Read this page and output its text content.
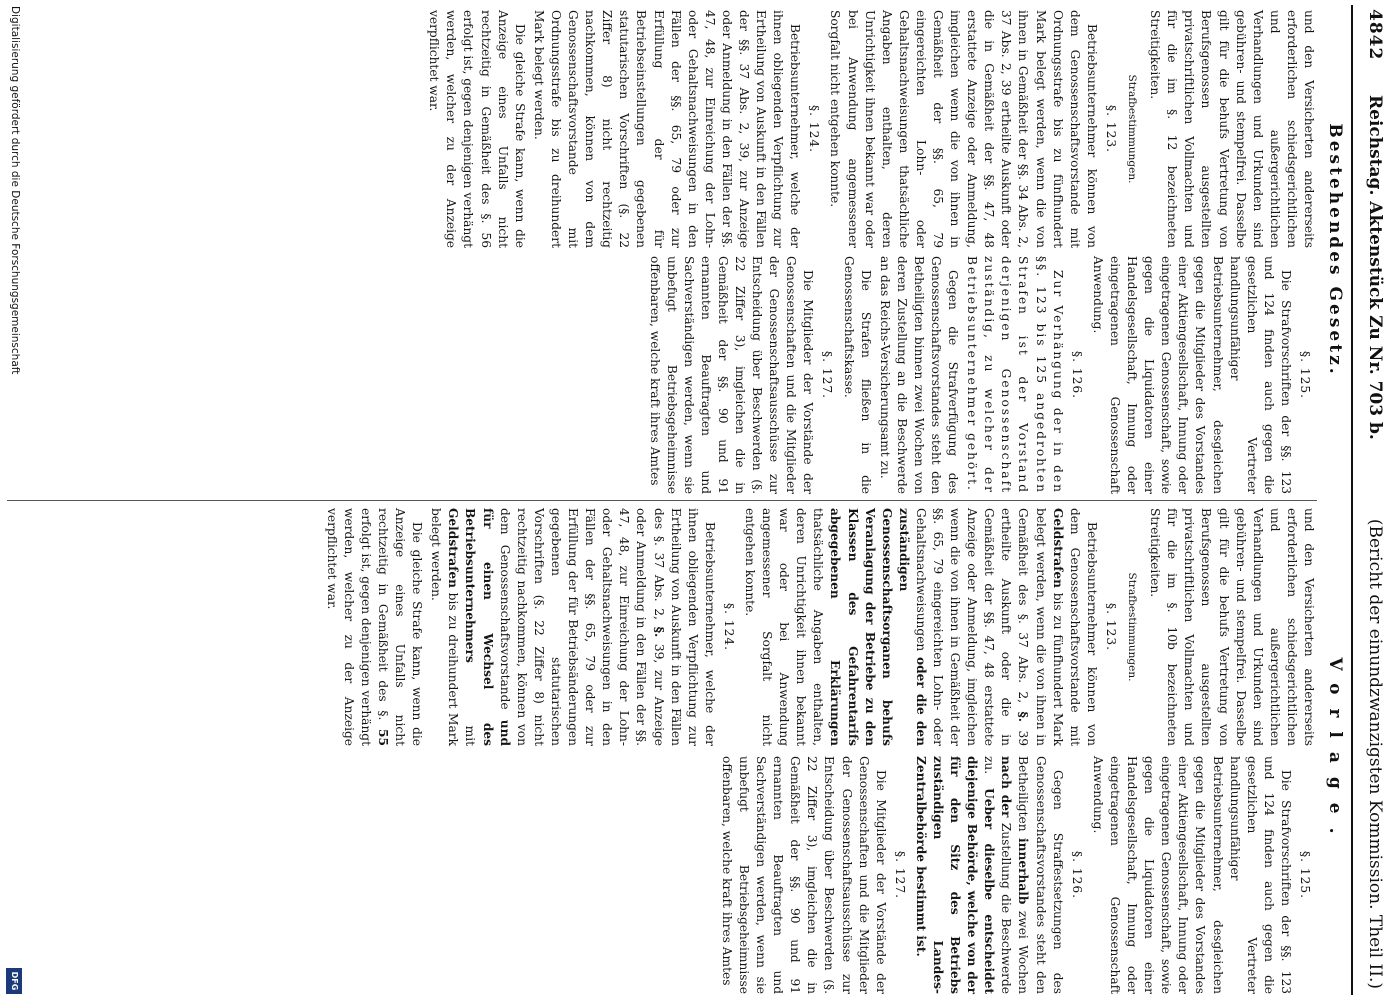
4842
Reichstag. Aktenstück Zu Nr. 703 b.
(Bericht der einundzwanzigsten Kommission. Theil II.)
Bestehendes Gesetz.
Vorlage.

und den Versicherten andererseits erforderlichen schiedsgerichtlichen und außergerichtlichen Verhandlungen und Urkunden sind gebühren- und stempelfrei. Dasselbe gilt für die behufs Vertretung von Berufsgenossen ausgestellten privatschriftlichen Vollmachten und für die im §. 12 bezeichneten Streitigkeiten.

Strafbestimmungen.
§. 123.

Betriebsunternehmer können von dem Genossenschaftsvorstande mit Ordnungsstrafe bis zu fünfhundert Mark belegt werden, wenn die von ihnen in Gemäßheit der §§. 34 Abs. 2, 37 Abs. 2, 39 ertheilte Auskunft oder die in Gemäßheit der §§. 47, 48 erstattete Anzeige oder Anmeldung, imgleichen wenn die von ihnen in Gemäßheit der §§. 65, 79 eingereichten Lohn- oder Gehaltsnachweisungen thatsächliche Angaben enthalten, deren Unrichtigkeit ihnen bekannt war oder bei Anwendung angemessener Sorgfalt nicht entgehen konnte.

§. 124.

Betriebsunternehmer, welche der ihnen obliegenden Verpflichtung zur Ertheilung von Auskunft in den Fällen der §§. 37 Abs. 2, 39, zur Anzeige oder Anmeldung in den Fällen der §§. 47, 48, zur Einreichung der Lohn- oder Gehaltsnachweisungen in den Fällen der §§. 65, 79 oder zur Erfüllung der für Betriebseinstellungen gegebenen statutarischen Vorschriften (§. 22 Ziffer 8) nicht rechtzeitig nachkommen, können von dem Genossenschaftsvorstande mit Ordnungsstrafe bis zu dreihundert Mark belegt werden.

Die gleiche Strafe kann, wenn die Anzeige eines Unfalls nicht rechtzeitig in Gemäßheit des §. 56 erfolgt ist, gegen denjenigen verhängt werden, welcher zu der Anzeige verpflichtet war.

§. 125.

Die Strafvorschriften der §§. 123 und 124 finden auch gegen die gesetzlichen Vertreter handlungsunfähiger Betriebsunternehmer, desgleichen gegen die Mitglieder des Vorstandes einer Aktiengesellschaft, Innung oder eingetragenen Genossenschaft, sowie gegen die Liquidatoren einer Handelsgesellschaft, Innung oder eingetragenen Genossenschaft Anwendung.

§. 126.

Zur Verhängung der in den §§. 123 bis 125 angedrohten Strafen ist der Vorstand derjenigen Genossenschaft zuständig, zu welcher der Betriebsunternehmer gehört.

Gegen die Strafverfügung des Genossenschaftsvorstandes steht den Betheiligten binnen zwei Wochen von deren Zustellung an die Beschwerde an das Reichs-Versicherungsamt zu.

Die Strafen fließen in die Genossenschaftskasse.

§. 127.

Die Mitglieder der Vorstände der Genossenschaften und die Mitglieder der Genossenschaftsausschüsse zur Entscheidung über Beschwerden (§. 22 Ziffer 3), imgleichen die in Gemäßheit der §§. 90 und 91 ernannten Beauftragten und Sachverständigen werden, wenn sie unbefugt Betriebsgeheimnisse offenbaren, welche kraft ihres Amtes

und den Versicherten andererseits erforderlichen schiedsgerichtlichen und außergerichtlichen Verhandlungen und Urkunden sind gebühren- und stempelfrei. Dasselbe gilt für die behufs Vertretung von Berufsgenossen ausgestellten privatschriftlichen Vollmachten und für die im §. 10b bezeichneten Streitigkeiten.

Strafbestimmungen.
§. 123.

Betriebsunternehmer können von dem Genossenschaftsvorstande mit Geldstrafen bis zu fünfhundert Mark belegt werden, wenn die von ihnen in Gemäßheit des §. 37 Abs. 2, §. 39 ertheilte Auskunft oder die in Gemäßheit der §§. 47, 48 erstattete Anzeige oder Anmeldung, imgleichen wenn die von ihnen in Gemäßheit der §§. 65, 79 eingereichten Lohn- oder Gehaltsnachweisungen oder die den zuständigen Genossenschaftsorganen behufs Veranlagung der Betriebe zu den Klassen des Gefahrentarifs abgegebenen Erklärungen thatsächliche Angaben enthalten, deren Unrichtigkeit ihnen bekannt war oder bei Anwendung angemessener Sorgfalt nicht entgehen konnte.

§. 124.

Betriebsunternehmer, welche der ihnen obliegenden Verpflichtung zur Ertheilung von Auskunft in den Fällen des §. 37 Abs. 2, §. 39, zur Anzeige oder Anmeldung in den Fällen der §§. 47, 48, zur Einreichung der Lohn- oder Gehaltsnachweisungen in den Fällen der §§. 65, 79 oder zur Erfüllung der für Betriebsänderungen gegebenen statutarischen Vorschriften (§. 22 Ziffer 8) nicht rechtzeitig nachkommen, können von dem Genossenschaftsvorstande und für einen Wechsel des Betriebsunternehmers mit Geldstrafen bis zu dreihundert Mark belegt werden.

Die gleiche Strafe kann, wenn die Anzeige eines Unfalls nicht rechtzeitig in Gemäßheit des §. 55 erfolgt ist, gegen denjenigen verhängt werden, welcher zu der Anzeige verpflichtet war.

§. 125.

Die Strafvorschriften der §§. 123 und 124 finden auch gegen die gesetzlichen Vertreter handlungsunfähiger Betriebsunternehmer, desgleichen gegen die Mitglieder des Vorstandes einer Aktiengesellschaft, Innung oder eingetragenen Genossenschaft, sowie gegen die Liquidatoren einer Handelsgesellschaft, Innung oder eingetragenen Genossenschaft Anwendung.

§. 126.

Gegen Straffestsetzungen des Genossenschaftsvorstandes steht den Betheiligten innerhalb zwei Wochen nach der Zustellung die Beschwerde zu. Ueber dieselbe entscheidet diejenige Behörde, welche von der für den Sitz des Betriebs zuständigen Landes-Zentralbehörde bestimmt ist.

§. 127.

Die Mitglieder der Vorstände der Genossenschaften und die Mitglieder der Genossenschaftsausschüsse zur Entscheidung über Beschwerden (§. 22 Ziffer 3), imgleichen die in Gemäßheit der §§. 90 und 91 ernannten Beauftragten und Sachverständigen werden, wenn sie unbefugt Betriebsgeheimnisse offenbaren, welche kraft ihres Amtes

Digitalisierung gefördert durch die Deutsche Forschungsgemeinschaft
DFG
